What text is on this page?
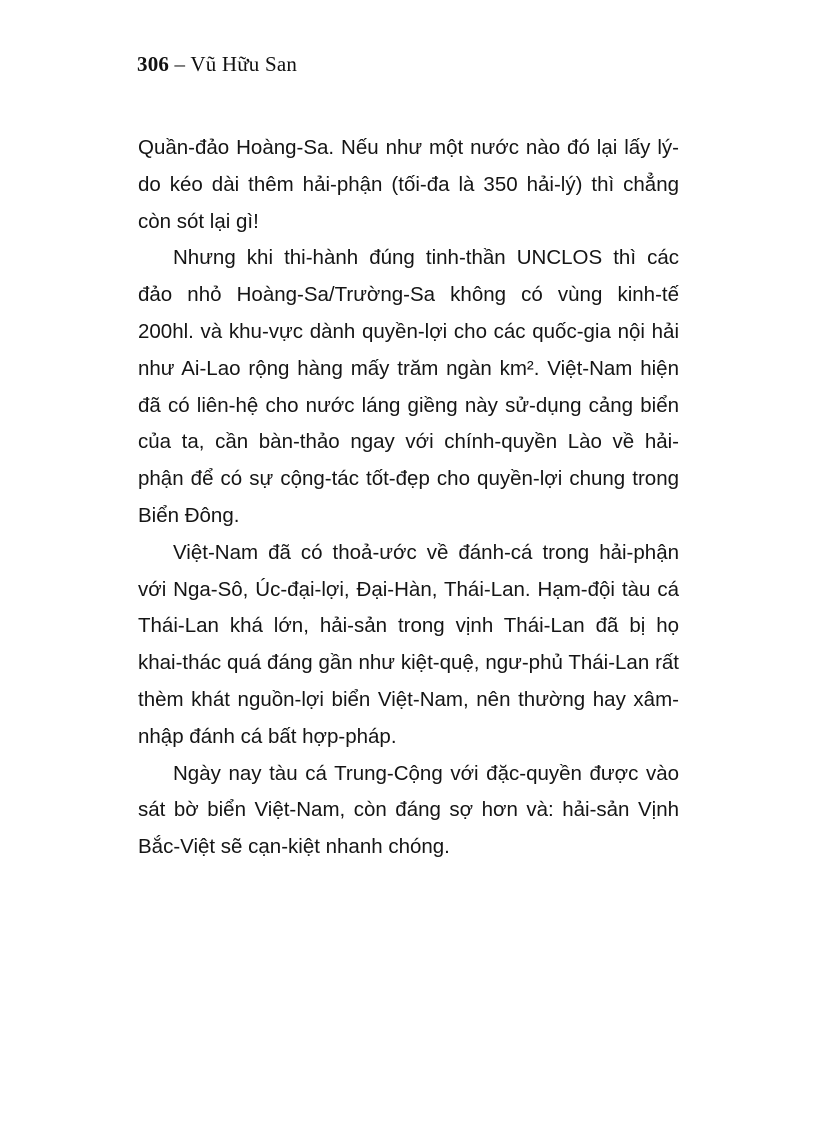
306 – Vũ Hữu San

Quần-đảo Hoàng-Sa. Nếu như một nước nào đó lại lấy lý-do kéo dài thêm hải-phận (tối-đa là 350 hải-lý) thì chẳng còn sót lại gì!

Nhưng khi thi-hành đúng tinh-thần UNCLOS thì các đảo nhỏ Hoàng-Sa/Trường-Sa không có vùng kinh-tế 200hl. và khu-vực dành quyền-lợi cho các quốc-gia nội hải như Ai-Lao rộng hàng mấy trăm ngàn km². Việt-Nam hiện đã có liên-hệ cho nước láng giềng này sử-dụng cảng biển của ta, cần bàn-thảo ngay với chính-quyền Lào về hải-phận để có sự cộng-tác tốt-đẹp cho quyền-lợi chung trong Biển Đông.

Việt-Nam đã có thoả-ước về đánh-cá trong hải-phận với Nga-Sô, Úc-đại-lợi, Đại-Hàn, Thái-Lan. Hạm-đội tàu cá Thái-Lan khá lớn, hải-sản trong vịnh Thái-Lan đã bị họ khai-thác quá đáng gần như kiệt-quệ, ngư-phủ Thái-Lan rất thèm khát nguồn-lợi biển Việt-Nam, nên thường hay xâm-nhập đánh cá bất hợp-pháp.

Ngày nay tàu cá Trung-Cộng với đặc-quyền được vào sát bờ biển Việt-Nam, còn đáng sợ hơn và: hải-sản Vịnh Bắc-Việt sẽ cạn-kiệt nhanh chóng.
